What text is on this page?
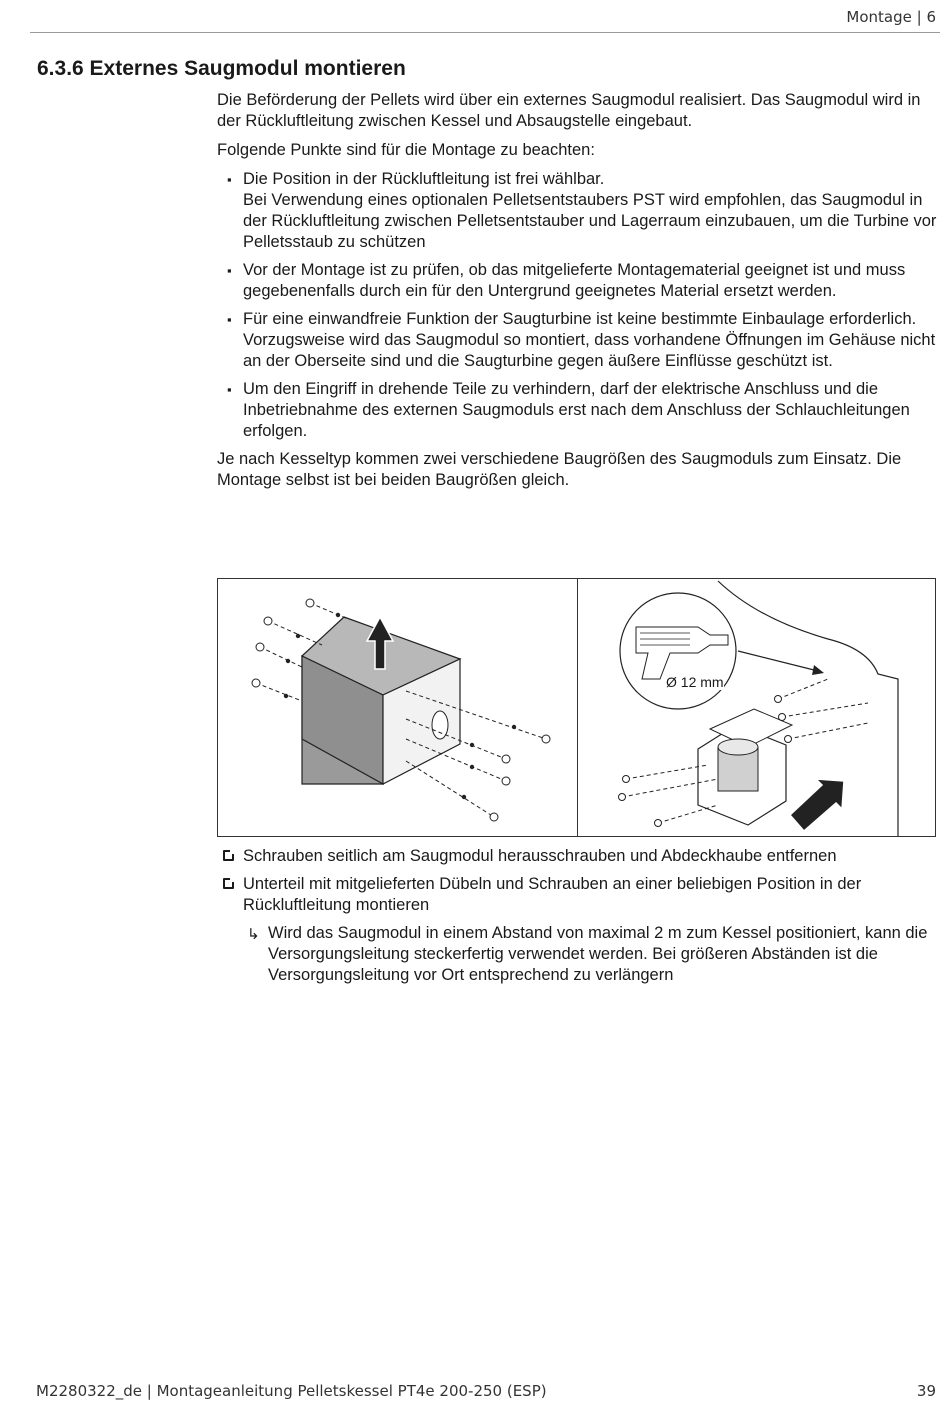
Montage | 6
6.3.6 Externes Saugmodul montieren

Die Beförderung der Pellets wird über ein externes Saugmodul realisiert. Das Saugmodul wird in der Rückluftleitung zwischen Kessel und Absaugstelle eingebaut.

Folgende Punkte sind für die Montage zu beachten:

▪ Die Position in der Rückluftleitung ist frei wählbar.
Bei Verwendung eines optionalen Pelletsentstaubers PST wird empfohlen, das Saugmodul in der Rückluftleitung zwischen Pelletsentstauber und Lagerraum einzubauen, um die Turbine vor Pelletsstaub zu schützen
▪ Vor der Montage ist zu prüfen, ob das mitgelieferte Montagematerial geeignet ist und muss gegebenenfalls durch ein für den Untergrund geeignetes Material ersetzt werden.
▪ Für eine einwandfreie Funktion der Saugturbine ist keine bestimmte Einbaulage erforderlich. Vorzugsweise wird das Saugmodul so montiert, dass vorhandene Öffnungen im Gehäuse nicht an der Oberseite sind und die Saugturbine gegen äußere Einflüsse geschützt ist.
▪ Um den Eingriff in drehende Teile zu verhindern, darf der elektrische Anschluss und die Inbetriebnahme des externen Saugmoduls erst nach dem Anschluss der Schlauchleitungen erfolgen.

Je nach Kesseltyp kommen zwei verschiedene Baugrößen des Saugmoduls zum Einsatz. Die Montage selbst ist bei beiden Baugrößen gleich.

Ø 12 mm
Schrauben seitlich am Saugmodul herausschrauben und Abdeckhaube entfernen
Unterteil mit mitgelieferten Dübeln und Schrauben an einer beliebigen Position in der Rückluftleitung montieren
↳ Wird das Saugmodul in einem Abstand von maximal 2 m zum Kessel positioniert, kann die Versorgungsleitung steckerfertig verwendet werden. Bei größeren Abständen ist die Versorgungsleitung vor Ort entsprechend zu verlängern
M2280322_de | Montageanleitung Pelletskessel PT4e 200-250 (ESP)	39
